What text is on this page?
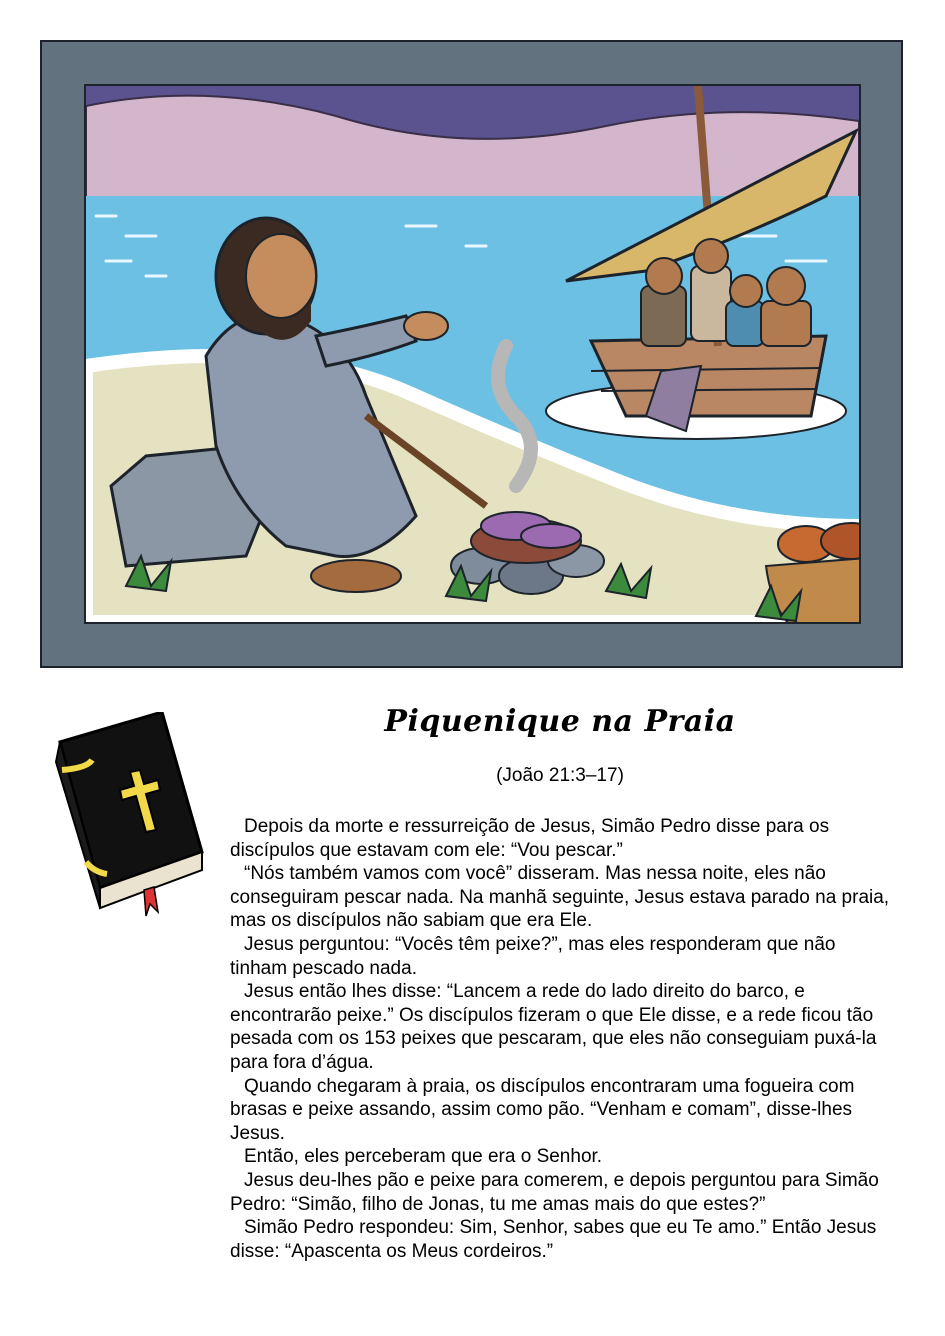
Piquenique na Praia
(João 21:3–17)

Depois da morte e ressurreição de Jesus, Simão Pedro disse para os discípulos que estavam com ele: “Vou pescar.”

“Nós também vamos com você” disseram. Mas nessa noite, eles não conseguiram pescar nada. Na manhã seguinte, Jesus estava parado na praia, mas os discípulos não sabiam que era Ele.

Jesus perguntou: “Vocês têm peixe?”, mas eles responderam que não tinham pescado nada.

Jesus então lhes disse: “Lancem a rede do lado direito do barco, e encontrarão peixe.” Os discípulos fizeram o que Ele disse, e a rede ficou tão pesada com os 153 peixes que pescaram, que eles não conseguiam puxá-la para fora d’água.

Quando chegaram à praia, os discípulos encontraram uma fogueira com brasas e peixe assando, assim como pão. “Venham e comam”, disse-lhes Jesus.

Então, eles perceberam que era o Senhor.

Jesus deu-lhes pão e peixe para comerem, e depois perguntou para Simão Pedro: “Simão, filho de Jonas, tu me amas mais do que estes?”

Simão Pedro respondeu: Sim, Senhor, sabes que eu Te amo.” Então Jesus disse: “Apascenta os Meus cordeiros.”
